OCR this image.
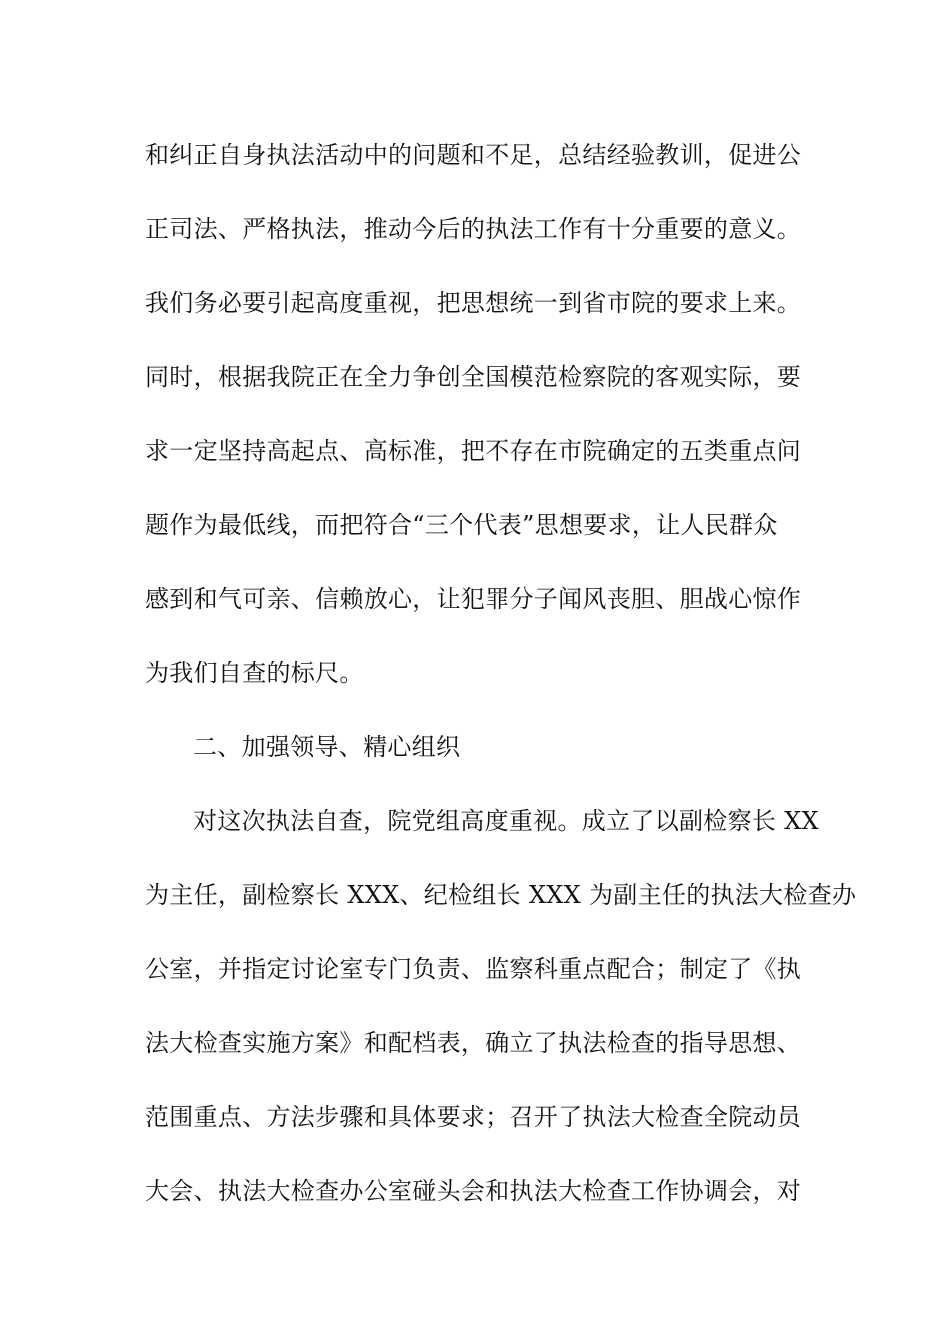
和纠正自身执法活动中的问题和不足，总结经验教训，促进公
正司法、严格执法，推动今后的执法工作有十分重要的意义。
我们务必要引起高度重视，把思想统一到省市院的要求上来。
同时，根据我院正在全力争创全国模范检察院的客观实际，要
求一定坚持高起点、高标准，把不存在市院确定的五类重点问
题作为最低线，而把符合“三个代表”思想要求，让人民群众
感到和气可亲、信赖放心，让犯罪分子闻风丧胆、胆战心惊作
为我们自查的标尺。
二、加强领导、精心组织
对这次执法自查，院党组高度重视。成立了以副检察长 XX
为主任，副检察长 XXX、纪检组长 XXX 为副主任的执法大检查办
公室，并指定讨论室专门负责、监察科重点配合；制定了《执
法大检查实施方案》和配档表，确立了执法检查的指导思想、
范围重点、方法步骤和具体要求；召开了执法大检查全院动员
大会、执法大检查办公室碰头会和执法大检查工作协调会，对
